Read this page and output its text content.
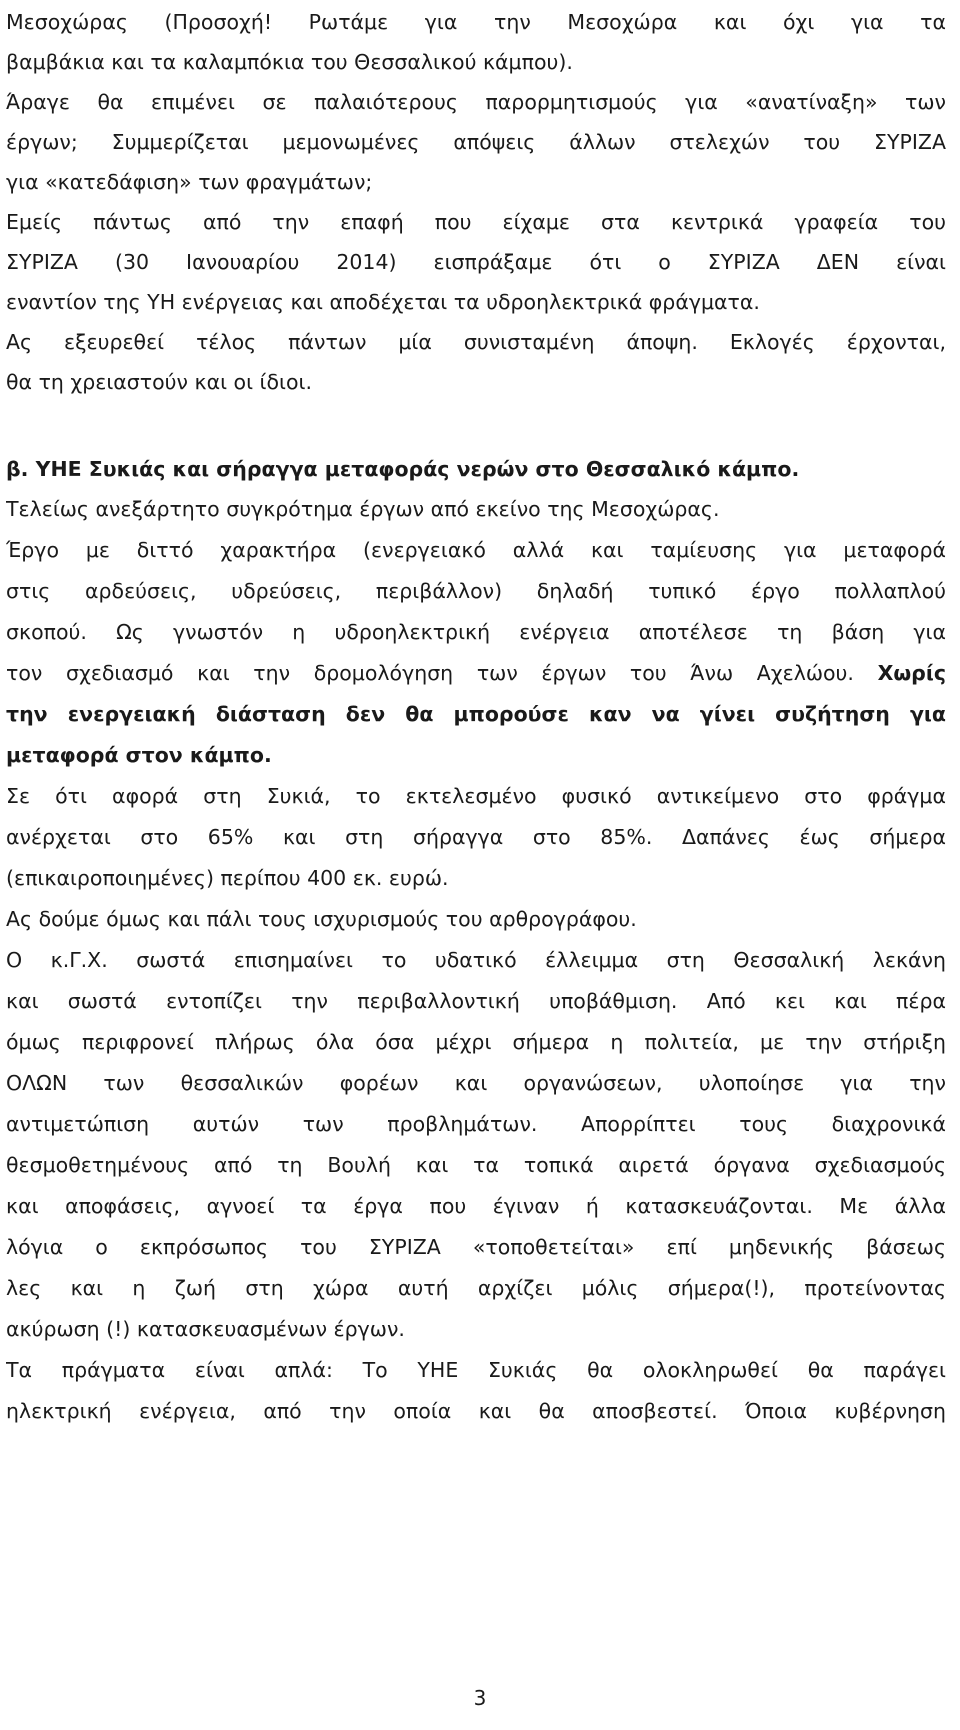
Μεσοχώρας (Προσοχή! Ρωτάμε για την Μεσοχώρα και όχι για τα
βαμβάκια και τα καλαμπόκια του Θεσσαλικού κάμπου).
Άραγε θα επιμένει σε παλαιότερους παρορμητισμούς για «ανατίναξη» των
έργων; Συμμερίζεται μεμονωμένες απόψεις άλλων στελεχών του ΣΥΡΙΖΑ
για «κατεδάφιση» των φραγμάτων;
Εμείς πάντως από την επαφή που είχαμε στα κεντρικά γραφεία του
ΣΥΡΙΖΑ (30 Ιανουαρίου 2014) εισπράξαμε ότι ο ΣΥΡΙΖΑ ΔΕΝ είναι
εναντίον της ΥΗ ενέργειας και αποδέχεται τα υδροηλεκτρικά φράγματα.
Ας εξευρεθεί τέλος πάντων μία συνισταμένη άποψη. Εκλογές έρχονται,
θα τη χρειαστούν και οι ίδιοι.
β. ΥΗΕ Συκιάς και σήραγγα μεταφοράς νερών στο Θεσσαλικό κάμπο.
Τελείως ανεξάρτητο συγκρότημα έργων από εκείνο της Μεσοχώρας.
Έργο με διττό χαρακτήρα (ενεργειακό αλλά και ταμίευσης για μεταφορά
στις αρδεύσεις, υδρεύσεις, περιβάλλον) δηλαδή τυπικό έργο πολλαπλού
σκοπού. Ως γνωστόν η υδροηλεκτρική ενέργεια αποτέλεσε τη βάση για
τον σχεδιασμό και την δρομολόγηση των έργων του Άνω Αχελώου. Χωρίς
την ενεργειακή διάσταση δεν θα μπορούσε καν να γίνει συζήτηση για
μεταφορά στον κάμπο.
Σε ότι αφορά στη Συκιά, το εκτελεσμένο φυσικό αντικείμενο στο φράγμα
ανέρχεται στο 65% και στη σήραγγα στο 85%. Δαπάνες έως σήμερα
(επικαιροποιημένες) περίπου 400 εκ. ευρώ.
Ας δούμε όμως και πάλι τους ισχυρισμούς του αρθρογράφου.
Ο κ.Γ.Χ. σωστά επισημαίνει το υδατικό έλλειμμα στη Θεσσαλική λεκάνη
και σωστά εντοπίζει την περιβαλλοντική υποβάθμιση. Από κει και πέρα
όμως περιφρονεί πλήρως όλα όσα μέχρι σήμερα η πολιτεία, με την στήριξη
ΟΛΩΝ των θεσσαλικών φορέων και οργανώσεων, υλοποίησε για την
αντιμετώπιση αυτών των προβλημάτων. Απορρίπτει τους διαχρονικά
θεσμοθετημένους από τη Βουλή και τα τοπικά αιρετά όργανα σχεδιασμούς
και αποφάσεις, αγνοεί τα έργα που έγιναν ή κατασκευάζονται. Με άλλα
λόγια ο εκπρόσωπος του ΣΥΡΙΖΑ «τοποθετείται» επί μηδενικής βάσεως
λες και η ζωή στη χώρα αυτή αρχίζει μόλις σήμερα(!), προτείνοντας
ακύρωση (!) κατασκευασμένων έργων.
Τα πράγματα είναι απλά: Το ΥΗΕ Συκιάς θα ολοκληρωθεί θα παράγει
ηλεκτρική ενέργεια, από την οποία και θα αποσβεστεί. Όποια κυβέρνηση
3
